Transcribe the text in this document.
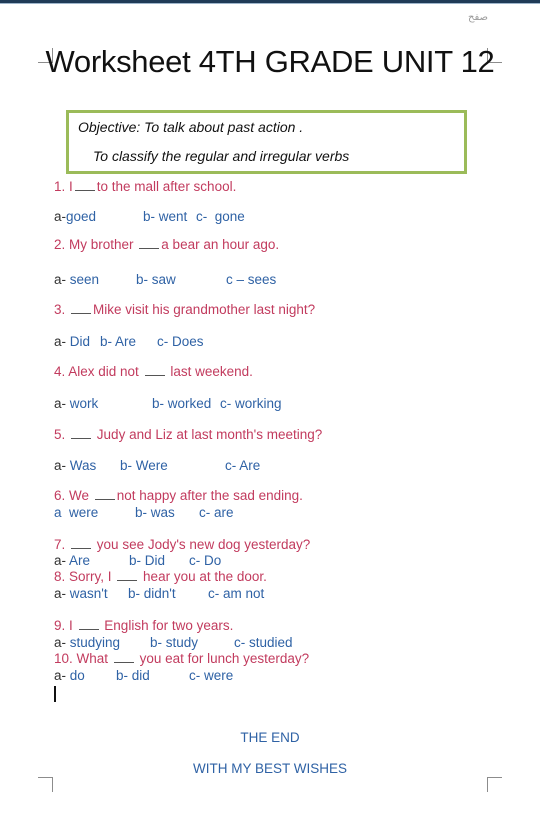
صفح
Worksheet 4TH GRADE UNIT 12
Objective: To talk about past action .
To classify the regular and irregular verbs
1. I to the mall after school.
a-goed	b- went c- gone
2. My brother a bear an hour ago.
a- seen	b- saw	c – sees
3. Mike visit his grandmother last night?
a- Did b- Are c- Does
4. Alex did not last weekend.
a- work	b- worked c- working
5. Judy and Liz at last month's meeting?
a- Was b- Were	c- Are
6. We not happy after the sad ending.
a were	b- was c- are
7. you see Jody's new dog yesterday?
a- Are	b- Did c- Do
8. Sorry, I hear you at the door.
a- wasn't b- didn't c- am not
9. I English for two years.
a- studying b- study	c- studied
10. What you eat for lunch yesterday?
a- do b- did	c- were
THE END
WITH MY BEST WISHES
